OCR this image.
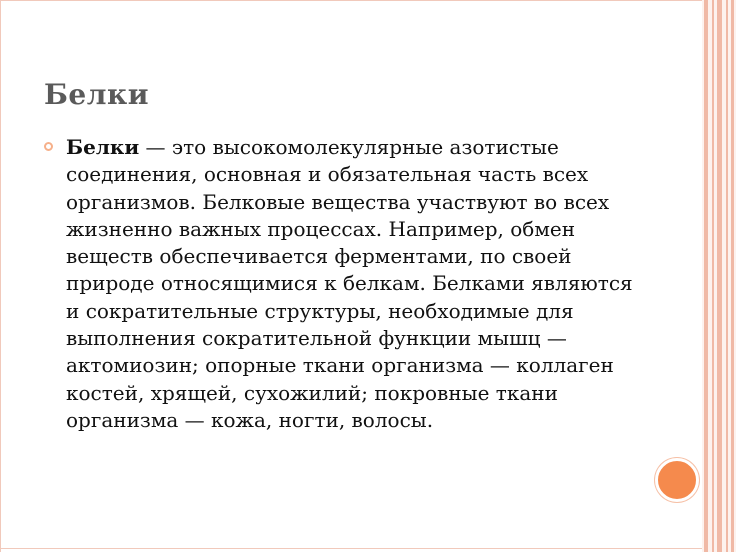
Белки

Белки — это высокомолекулярные азотистые соединения, основная и обязательная часть всех организмов. Белковые вещества участвуют во всех жизненно важных процессах. Например, обмен веществ обеспечивается ферментами, по своей природе относящимися к белкам. Белками являются и сократительные структуры, необходимые для выполнения сократительной функции мышц — актомиозин; опорные ткани организма — коллаген костей, хрящей, сухожилий; покровные ткани организма — кожа, ногти, волосы.
